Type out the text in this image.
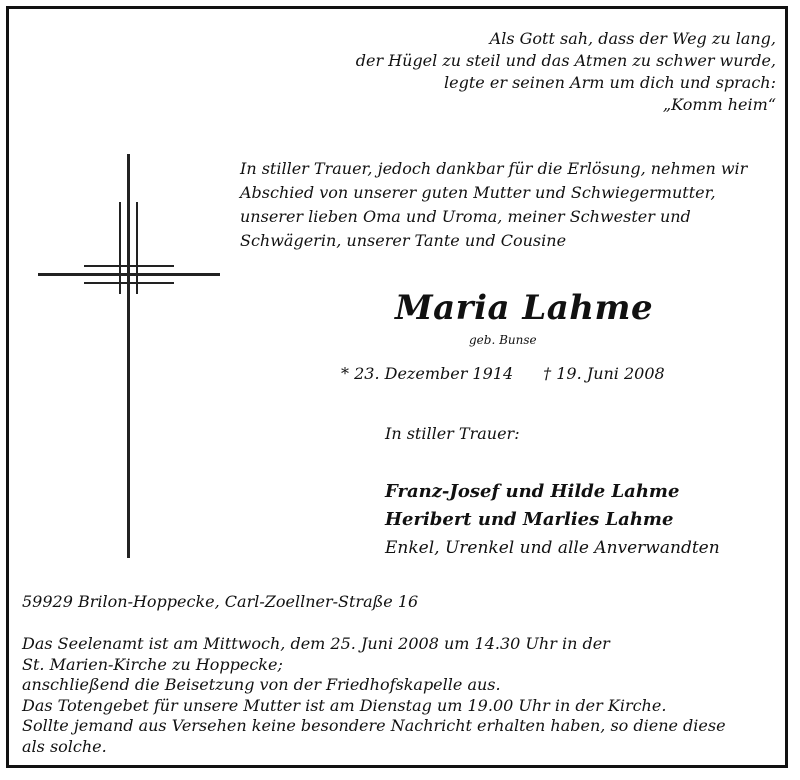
Als Gott sah, dass der Weg zu lang,
der Hügel zu steil und das Atmen zu schwer wurde,
legte er seinen Arm um dich und sprach:
„Komm heim“
In stiller Trauer, jedoch dankbar für die Erlösung, nehmen wir
Abschied von unserer guten Mutter und Schwiegermutter,
unserer lieben Oma und Uroma, meiner Schwester und
Schwägerin, unserer Tante und Cousine
Maria Lahme
geb. Bunse
* 23. Dezember 1914 † 19. Juni 2008
In stiller Trauer:
Franz-Josef und Hilde Lahme
Heribert und Marlies Lahme
Enkel, Urenkel und alle Anverwandten
59929 Brilon-Hoppecke, Carl-Zoellner-Straße 16
Das Seelenamt ist am Mittwoch, dem 25. Juni 2008 um 14.30 Uhr in der
St. Marien-Kirche zu Hoppecke;
anschließend die Beisetzung von der Friedhofskapelle aus.
Das Totengebet für unsere Mutter ist am Dienstag um 19.00 Uhr in der Kirche.
Sollte jemand aus Versehen keine besondere Nachricht erhalten haben, so diene diese
als solche.
